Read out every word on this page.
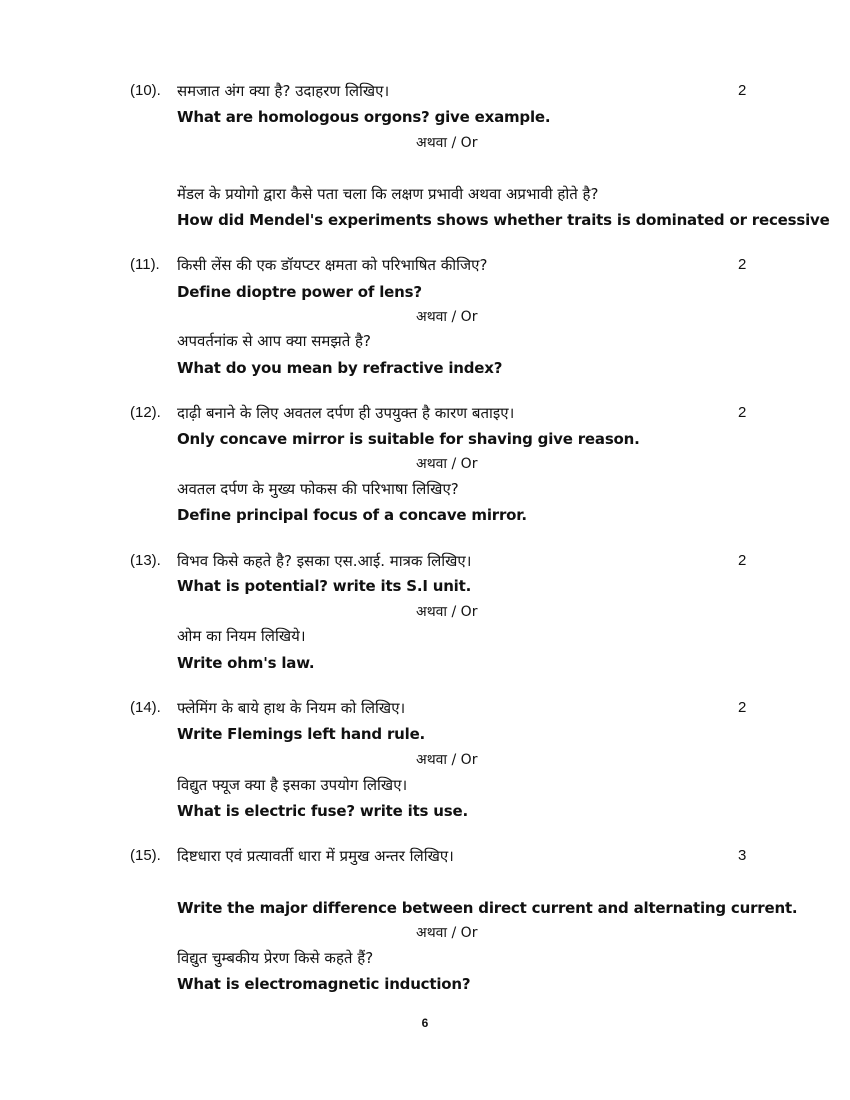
(10). समजात अंग क्या है? उदाहरण लिखिए।	2
What are homologous orgons? give example.
अथवा / Or
मेंडल के प्रयोगो द्वारा कैसे पता चला कि लक्षण प्रभावी अथवा अप्रभावी होते है?
How did Mendel's experiments shows whether traits is dominated or recessive
(11). किसी लेंस की एक डॉयप्टर क्षमता को परिभाषित कीजिए?	2
Define dioptre power of lens?
अथवा / Or
अपवर्तनांक से आप क्या समझते है?
What do you mean by refractive index?
(12). दाढ़ी बनाने के लिए अवतल दर्पण ही उपयुक्त है कारण बताइए।	2
Only concave mirror is suitable for shaving give reason.
अथवा / Or
अवतल दर्पण के मुख्य फोकस की परिभाषा लिखिए?
Define principal focus of a concave mirror.
(13). विभव किसे कहते है? इसका एस.आई. मात्रक लिखिए।	2
What is potential? write its S.I unit.
अथवा / Or
ओम का नियम लिखिये।
Write ohm's law.
(14). फ्लेमिंग के बाये हाथ के नियम को लिखिए।	2
Write Flemings left hand rule.
अथवा / Or
विद्युत फ्यूज क्या है इसका उपयोग लिखिए।
What is electric fuse? write its use.
(15). दिष्टधारा एवं प्रत्यावर्ती धारा में प्रमुख अन्तर लिखिए।	3
Write the major difference between direct current and alternating current.
अथवा / Or
विद्युत चुम्बकीय प्रेरण किसे कहते हैं?
What is electromagnetic induction?
6
